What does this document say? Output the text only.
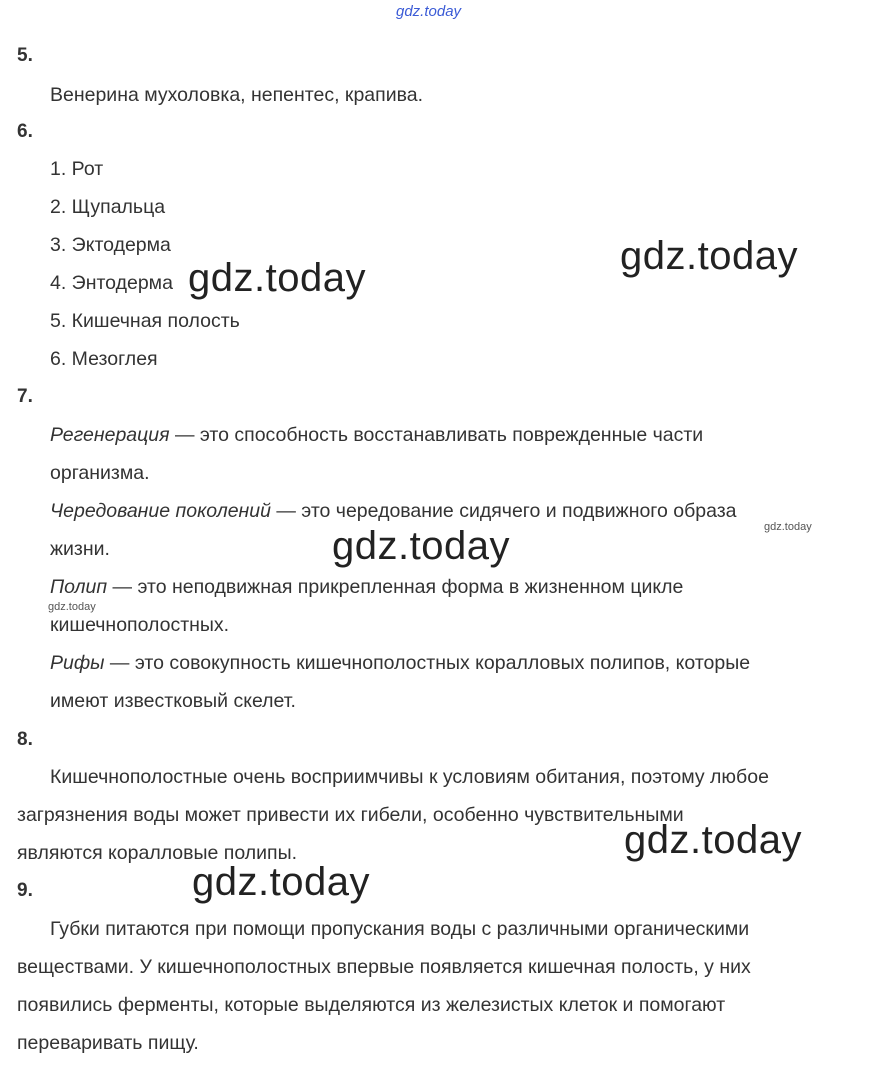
gdz.today
5.
Венерина мухоловка, непентес, крапива.
6.
1. Рот
2. Щупальца
3. Эктодерма
4. Энтодерма
5. Кишечная полость
6. Мезоглея
7.
Регенерация — это способность восстанавливать поврежденные части
организма.
Чередование поколений — это чередование сидячего и подвижного образа
жизни.
Полип — это неподвижная прикрепленная форма в жизненном цикле
кишечнополостных.
Рифы — это совокупность кишечнополостных коралловых полипов, которые
имеют известковый скелет.
8.
Кишечнополостные очень восприимчивы к условиям обитания, поэтому любое
загрязнения воды может привести их гибели, особенно чувствительными
являются коралловые полипы.
9.
Губки питаются при помощи пропускания воды с различными органическими
веществами. У кишечнополостных впервые появляется кишечная полость, у них
появились ферменты, которые выделяются из железистых клеток и помогают
переваривать пищу.
gdz.today
gdz.today
gdz.today
gdz.today
gdz.today
gdz.today
gdz.today
